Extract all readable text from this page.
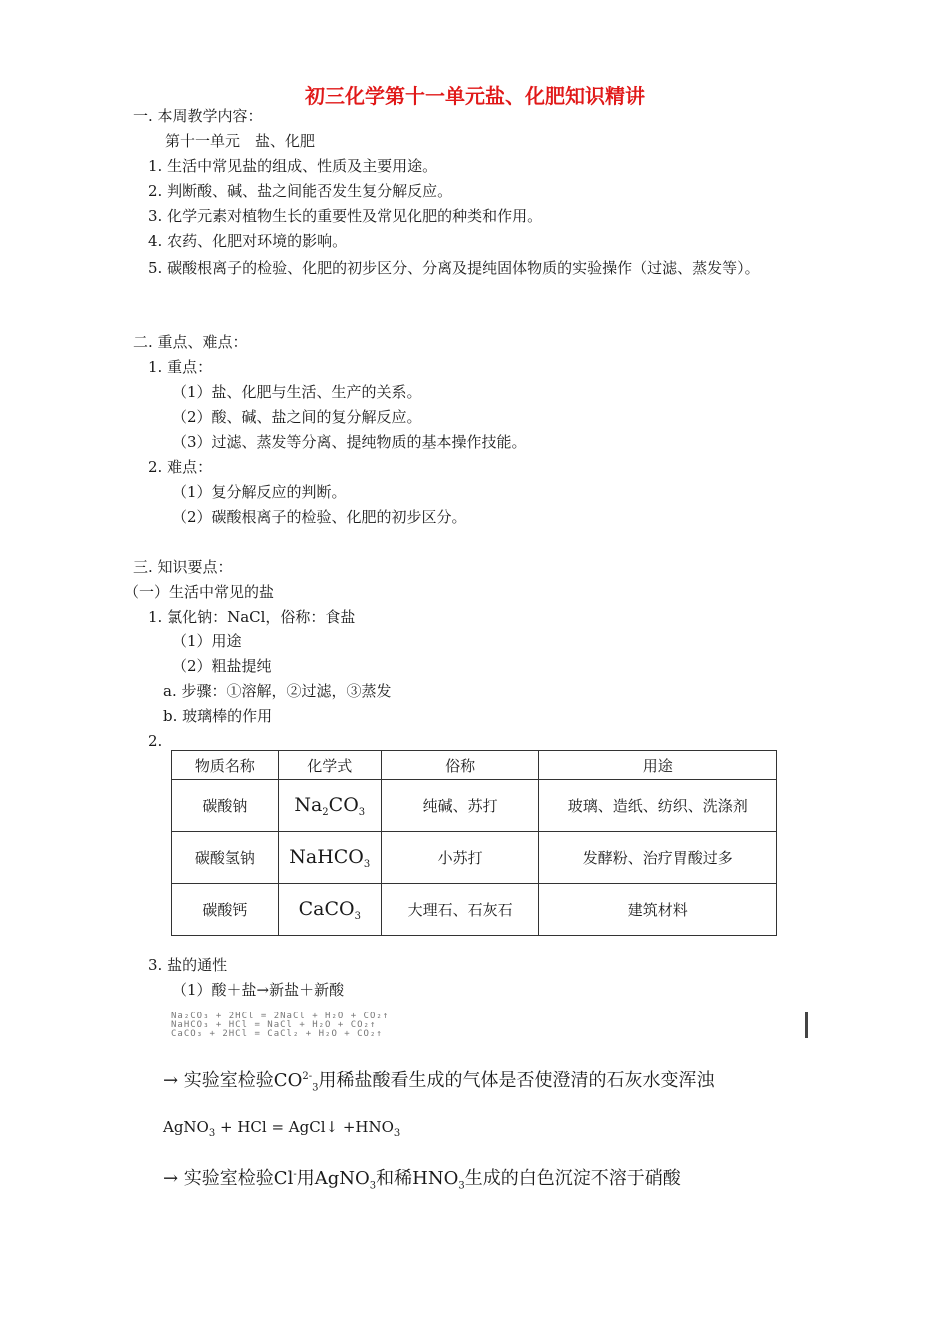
初三化学第十一单元盐、化肥知识精讲
一. 本周教学内容：
第十一单元　盐、化肥
1. 生活中常见盐的组成、性质及主要用途。
2. 判断酸、碱、盐之间能否发生复分解反应。
3. 化学元素对植物生长的重要性及常见化肥的种类和作用。
4. 农药、化肥对环境的影响。
5. 碳酸根离子的检验、化肥的初步区分、分离及提纯固体物质的实验操作（过滤、蒸发等）。
二. 重点、难点：
1. 重点：
（1）盐、化肥与生活、生产的关系。
（2）酸、碱、盐之间的复分解反应。
（3）过滤、蒸发等分离、提纯物质的基本操作技能。
2. 难点：
（1）复分解反应的判断。
（2）碳酸根离子的检验、化肥的初步区分。
三. 知识要点：
（一）生活中常见的盐
1. 氯化钠：NaCl，俗称：食盐
（1）用途
（2）粗盐提纯
a. 步骤：①溶解，②过滤，③蒸发
b. 玻璃棒的作用
2.
物质名称	化学式	俗称	用途
碳酸钠	$Na_2CO_3$	纯碱、苏打	玻璃、造纸、纺织、洗涤剂
碳酸氢钠	NaHCO$_3$	小苏打	发酵粉、治疗胃酸过多
碳酸钙	CaCO$_3$	大理石、石灰石	建筑材料
3. 盐的通性
（1）酸＋盐→新盐＋新酸
Na₂CO₃ + 2HCl = 2NaCl + H₂O + CO₂↑
NaHCO₃ + HCl = NaCl + H₂O + CO₂↑
CaCO₃ + 2HCl = CaCl₂ + H₂O + CO₂↑
→ 实验室检验$CO^{2-}_3$用稀盐酸看生成的气体是否使澄清的石灰水变浑浊
AgNO$_3$ + HCl = AgCl↓ $+HNO_3$
→ 实验室检验Cl-用AgNO$_3$和稀$HNO_3$生成的白色沉淀不溶于硝酸
